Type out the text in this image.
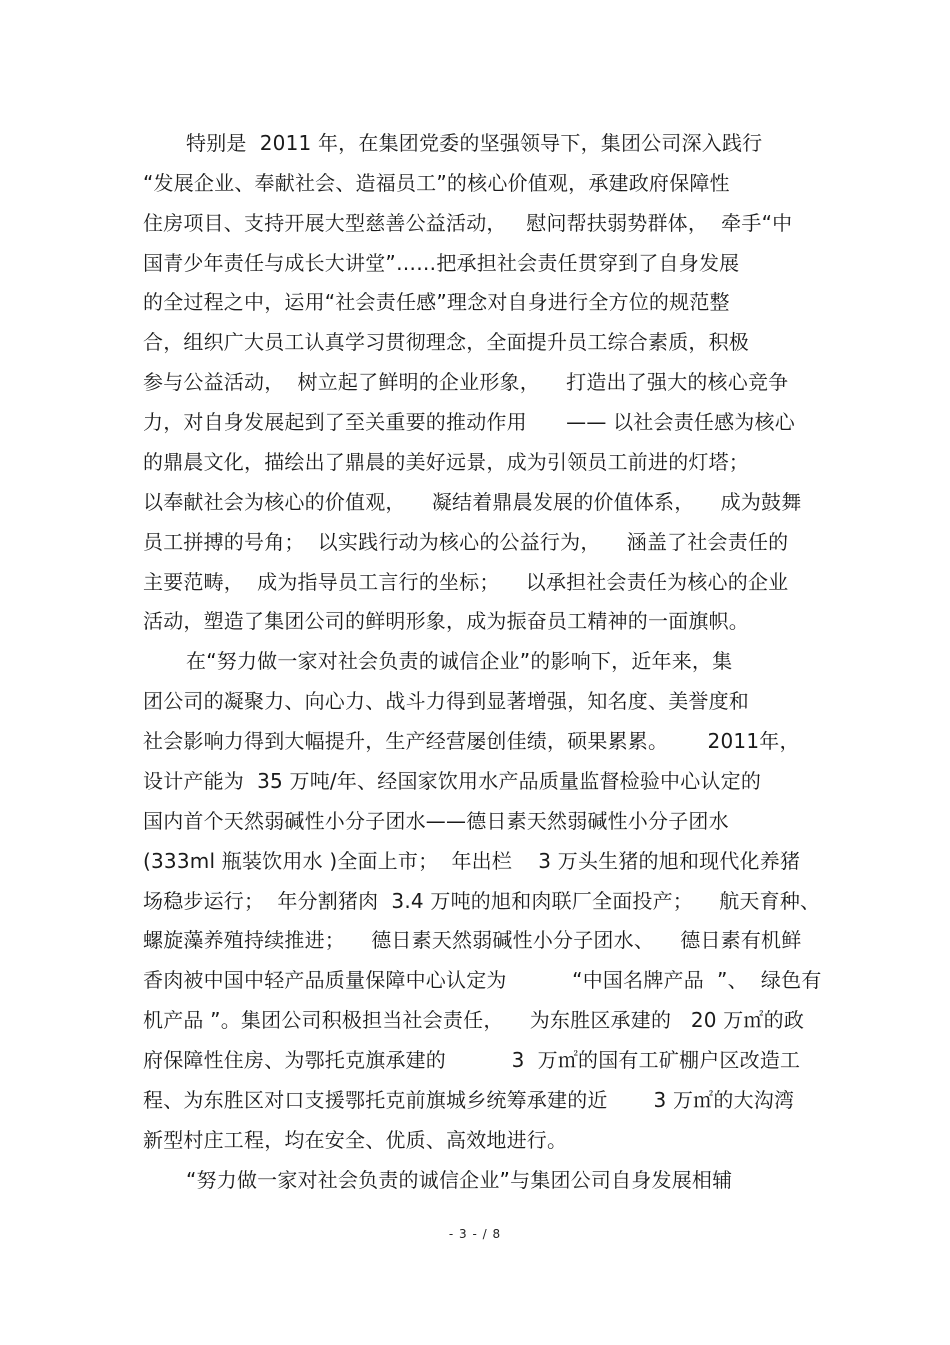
特别是  2011 年，在集团党委的坚强领导下，集团公司深入践行
“发展企业、奉献社会、造福员工”的核心价值观，承建政府保障性
住房项目、支持开展大型慈善公益活动，   慰问帮扶弱势群体，  牵手“中
国青少年责任与成长大讲堂”……把承担社会责任贯穿到了自身发展
的全过程之中，运用“社会责任感”理念对自身进行全方位的规范整
合，组织广大员工认真学习贯彻理念，全面提升员工综合素质，积极
参与公益活动，  树立起了鲜明的企业形象，    打造出了强大的核心竞争
力，对自身发展起到了至关重要的推动作用      —— 以社会责任感为核心
的鼎晨文化，描绘出了鼎晨的美好远景，成为引领员工前进的灯塔；
以奉献社会为核心的价值观，    凝结着鼎晨发展的价值体系，    成为鼓舞
员工拼搏的号角；  以实践行动为核心的公益行为，    涵盖了社会责任的
主要范畴，  成为指导员工言行的坐标；    以承担社会责任为核心的企业
活动，塑造了集团公司的鲜明形象，成为振奋员工精神的一面旗帜。
在“努力做一家对社会负责的诚信企业”的影响下，近年来，集
团公司的凝聚力、向心力、战斗力得到显著增强，知名度、美誉度和
社会影响力得到大幅提升，生产经营屡创佳绩，硕果累累。      2011年，
设计产能为  35 万吨/年、经国家饮用水产品质量监督检验中心认定的
国内首个天然弱碱性小分子团水——德日素天然弱碱性小分子团水
(333ml 瓶装饮用水 )全面上市；  年出栏    3 万头生猪的旭和现代化养猪
场稳步运行；  年分割猪肉  3.4 万吨的旭和肉联厂全面投产；    航天育种、
螺旋藻养殖持续推进；    德日素天然弱碱性小分子团水、    德日素有机鲜
香肉被中国中轻产品质量保障中心认定为          “中国名牌产品  ”、  绿色有
机产品 ”。集团公司积极担当社会责任，    为东胜区承建的   20 万㎡的政
府保障性住房、为鄂托克旗承建的          3  万㎡的国有工矿棚户区改造工
程、为东胜区对口支援鄂托克前旗城乡统筹承建的近       3 万㎡的大沟湾
新型村庄工程，均在安全、优质、高效地进行。
“努力做一家对社会负责的诚信企业”与集团公司自身发展相辅
- 3 - / 8
